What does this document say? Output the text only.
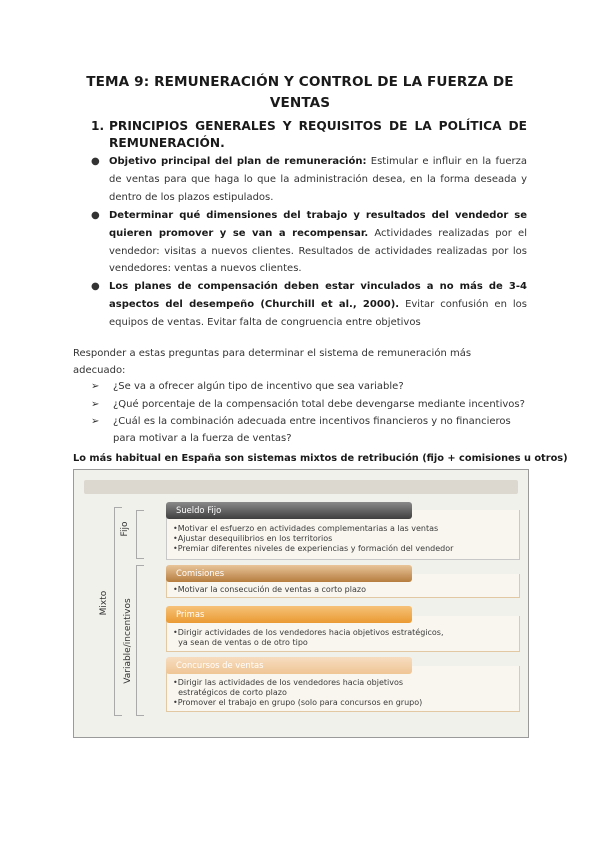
TEMA 9: REMUNERACIÓN Y CONTROL DE LA FUERZA DE
VENTAS
1. PRINCIPIOS GENERALES Y REQUISITOS DE LA POLÍTICA DE REMUNERACIÓN.
● Objetivo principal del plan de remuneración: Estimular e influir en la fuerza de ventas para que haga lo que la administración desea, en la forma deseada y dentro de los plazos estipulados.
● Determinar qué dimensiones del trabajo y resultados del vendedor se quieren promover y se van a recompensar. Actividades realizadas por el vendedor: visitas a nuevos clientes. Resultados de actividades realizadas por los vendedores: ventas a nuevos clientes.
● Los planes de compensación deben estar vinculados a no más de 3-4 aspectos del desempeño (Churchill et al., 2000). Evitar confusión en los equipos de ventas. Evitar falta de congruencia entre objetivos
Responder a estas preguntas para determinar el sistema de remuneración más
adecuado:
➢ ¿Se va a ofrecer algún tipo de incentivo que sea variable?
➢ ¿Qué porcentaje de la compensación total debe devengarse mediante incentivos?
➢ ¿Cuál es la combinación adecuada entre incentivos financieros y no financieros para motivar a la fuerza de ventas?
Lo más habitual en España son sistemas mixtos de retribución (fijo + comisiones u otros)
Mixto
Fijo
Variable/incentivos
Sueldo Fijo
•Motivar el esfuerzo en actividades complementarias a las ventas
•Ajustar desequilibrios en los territorios
•Premiar diferentes niveles de experiencias y formación del vendedor
Comisiones
•Motivar la consecución de ventas a corto plazo
Primas
•Dirigir actividades de los vendedores hacia objetivos estratégicos,
ya sean de ventas o de otro tipo
Concursos de ventas
•Dirigir las actividades de los vendedores hacia objetivos
estratégicos de corto plazo
•Promover el trabajo en grupo (solo para concursos en grupo)
